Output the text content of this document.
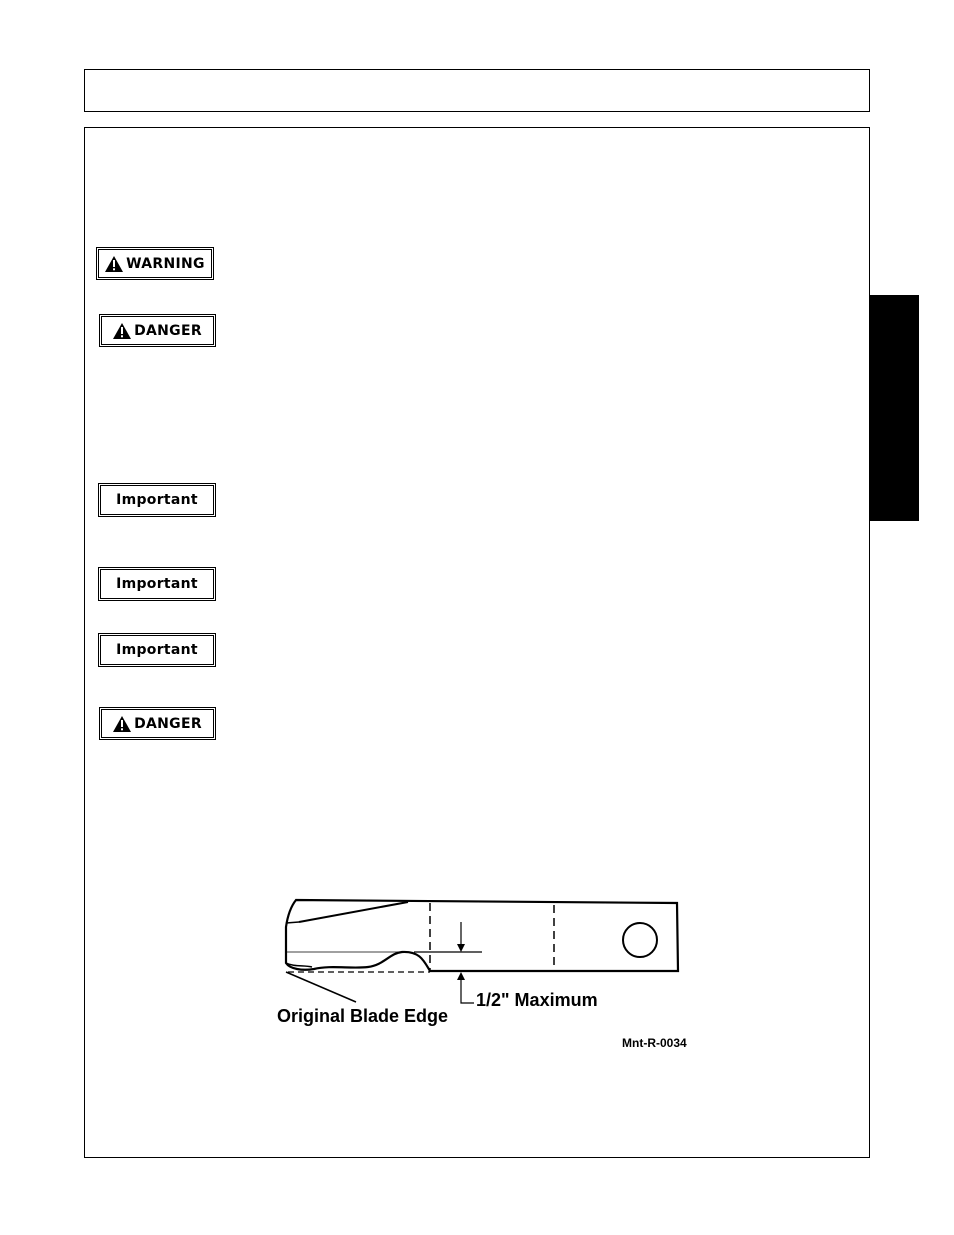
WARNING
DANGER
Important
Important
Important
DANGER
1/2" Maximum
Original Blade Edge
Mnt-R-0034
